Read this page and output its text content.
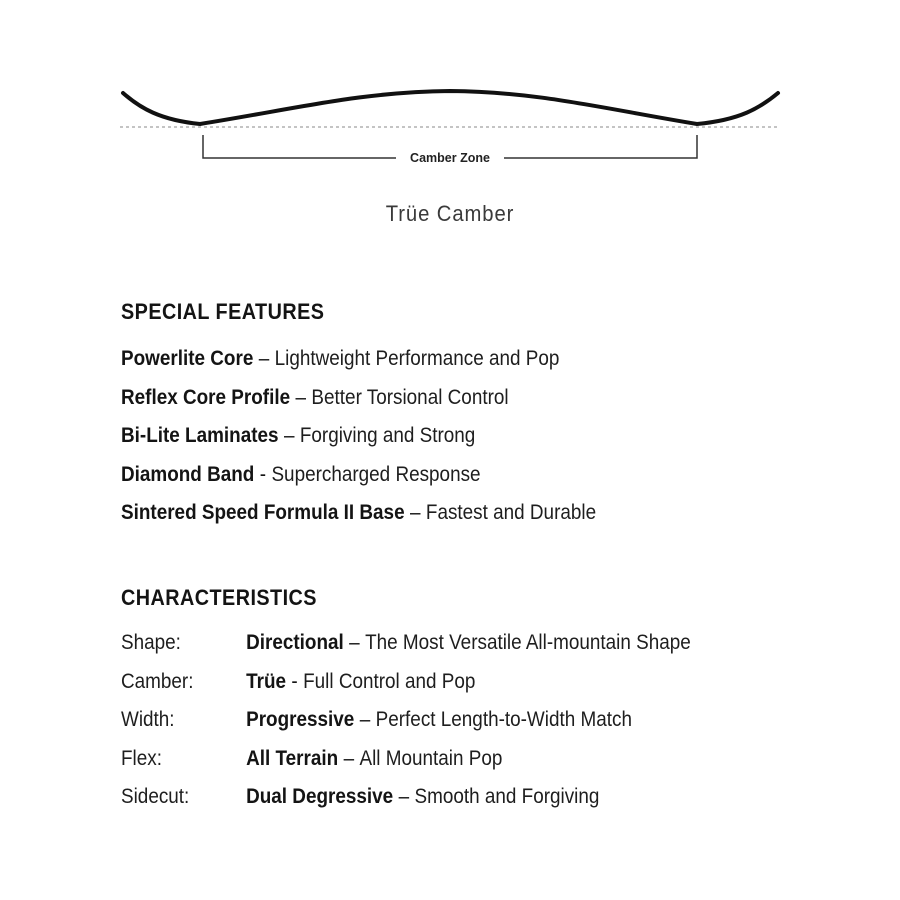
Camber Zone
Trüe Camber
SPECIAL FEATURES
Powerlite Core – Lightweight Performance and Pop
Reflex Core Profile – Better Torsional Control
Bi-Lite Laminates – Forgiving and Strong
Diamond Band - Supercharged Response
Sintered Speed Formula II Base – Fastest and Durable
CHARACTERISTICS
Shape:	Directional – The Most Versatile All-mountain Shape
Camber:	Trüe - Full Control and Pop
Width:	Progressive – Perfect Length-to-Width Match
Flex:	All Terrain – All Mountain Pop
Sidecut:	Dual Degressive – Smooth and Forgiving
